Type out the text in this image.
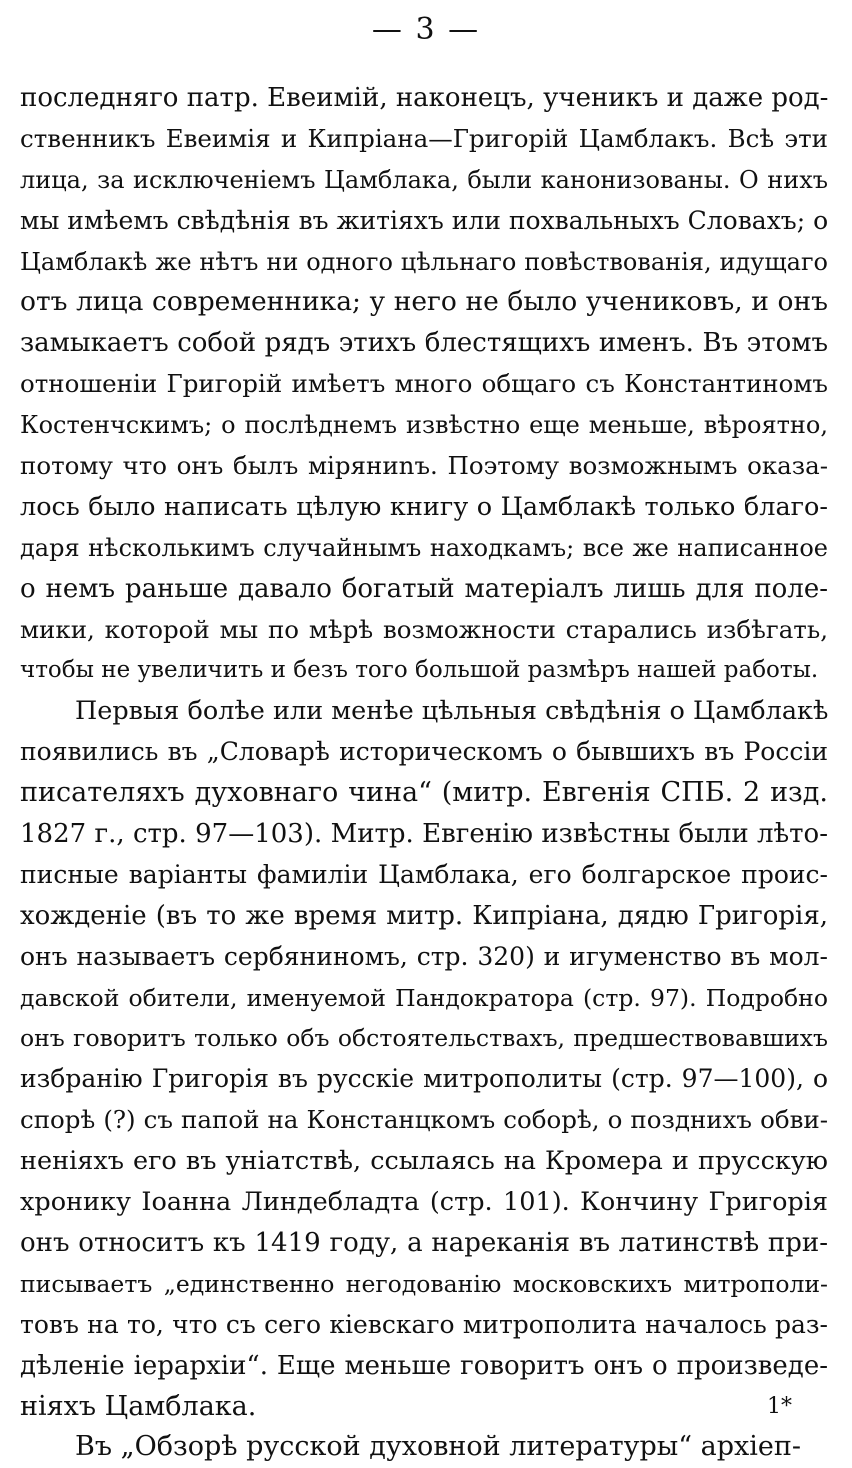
— 3 —
последняго патр. Евеимій, наконецъ, ученикъ и даже род-
ственникъ Евеимія и Кипріана—Григорій Цамблакъ. Всѣ эти
лица, за исключеніемъ Цамблака, были канонизованы. О нихъ
мы имѣемъ свѣдѣнія въ житіяхъ или похвальныхъ Словахъ; о
Цамблакѣ же нѣтъ ни одного цѣльнаго повѣствованія, идущаго
отъ лица современника; у него не было учениковъ, и онъ
замыкаетъ собой рядъ этихъ блестящихъ именъ. Въ этомъ
отношеніи Григорій имѣетъ много общаго съ Константиномъ
Костенчскимъ; о послѣднемъ извѣстно еще меньше, вѣроятно,
потому что онъ былъ міряниnъ. Поэтому возможнымъ оказа-
лось было написать цѣлую книгу о Цамблакѣ только благо-
даря нѣсколькимъ случайнымъ находкамъ; все же написанное
о немъ раньше давало богатый матеріалъ лишь для поле-
мики, которой мы по мѣрѣ возможности старались избѣгать,
чтобы не увеличить и безъ того большой размѣръ нашей работы.
Первыя болѣе или менѣе цѣльныя свѣдѣнія о Цамблакѣ
появились въ „Словарѣ историческомъ о бывшихъ въ Россіи
писателяхъ духовнаго чина“ (митр. Евгенія СПБ. 2 изд.
1827 г., стр. 97—103). Митр. Евгенію извѣстны были лѣто-
писные варіанты фамиліи Цамблака, его болгарское проис-
хожденіе (въ то же время митр. Кипріана, дядю Григорія,
онъ называетъ сербяниномъ, стр. 320) и игуменство въ мол-
давской обители, именуемой Пандократора (стр. 97). Подробно
онъ говоритъ только объ обстоятельствахъ, предшествовавшихъ
избранію Григорія въ русскіе митрополиты (стр. 97—100), о
спорѣ (?) съ папой на Констанцкомъ соборѣ, о позднихъ обви-
неніяхъ его въ уніатствѣ, ссылаясь на Кромера и прусскую
хронику Іоанна Линдебладта (стр. 101). Кончину Григорія
онъ относитъ къ 1419 году, а нареканія въ латинствѣ при-
писываетъ „единственно негодованію московскихъ митрополи-
товъ на то, что съ сего кіевскаго митрополита началось раз-
дѣленіе іерархіи“. Еще меньше говоритъ онъ о произведе-
ніяхъ Цамблака.
Въ „Обзорѣ русской духовной литературы“ архіеп-
1*
